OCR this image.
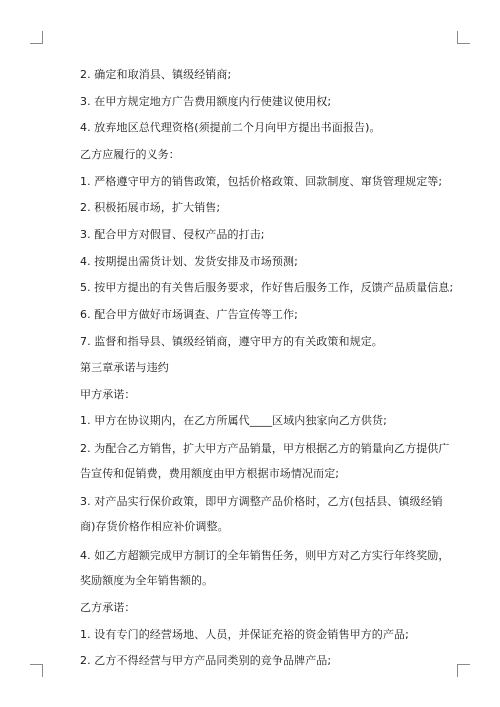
2. 确定和取消县、镇级经销商;
3. 在甲方规定地方广告费用额度内行使建议使用权;
4. 放弃地区总代理资格(须提前二个月向甲方提出书面报告)。
乙方应履行的义务：
1. 严格遵守甲方的销售政策，包括价格政策、回款制度、窜货管理规定等;
2. 积极拓展市场，扩大销售;
3. 配合甲方对假冒、侵权产品的打击;
4. 按期提出需货计划、发货安排及市场预测;
5. 按甲方提出的有关售后服务要求，作好售后服务工作，反馈产品质量信息;
6. 配合甲方做好市场调查、广告宣传等工作;
7. 监督和指导县、镇级经销商，遵守甲方的有关政策和规定。
第三章承诺与违约
甲方承诺：
1. 甲方在协议期内，在乙方所属代____区域内独家向乙方供货;
2. 为配合乙方销售，扩大甲方产品销量，甲方根据乙方的销量向乙方提供广告宣传和促销费，费用额度由甲方根据市场情况而定;
3. 对产品实行保价政策，即甲方调整产品价格时，乙方(包括县、镇级经销商)存货价格作相应补价调整。
4. 如乙方超额完成甲方制订的全年销售任务，则甲方对乙方实行年终奖励，奖励额度为全年销售额的。
乙方承诺：
1. 设有专门的经营场地、人员，并保证充裕的资金销售甲方的产品;
2. 乙方不得经营与甲方产品同类别的竞争品牌产品;
